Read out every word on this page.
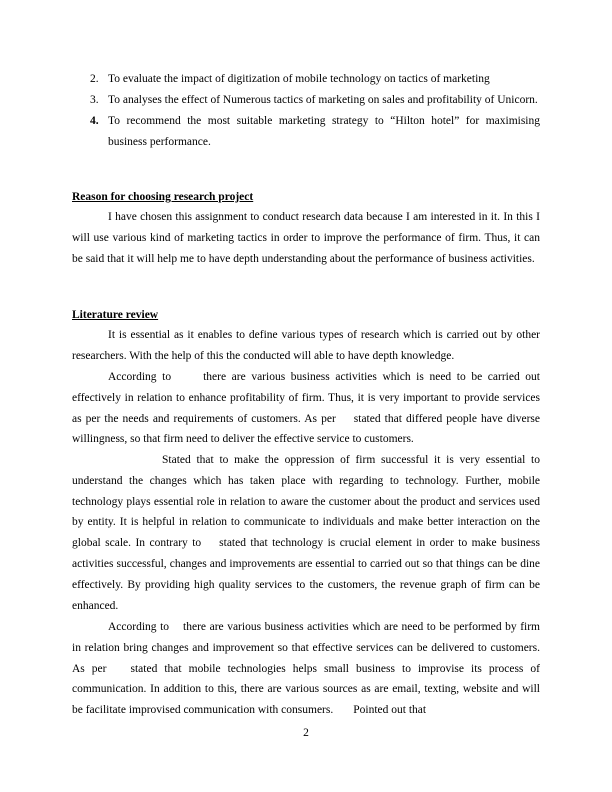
2. To evaluate the impact of digitization of mobile technology on tactics of marketing
3. To analyses the effect of Numerous tactics of marketing on sales and profitability of Unicorn.
4. To recommend the most suitable marketing strategy to “Hilton hotel” for maximising business performance.
Reason for choosing research project

I have chosen this assignment to conduct research data because I am interested in it. In this I will use various kind of marketing tactics in order to improve the performance of firm. Thus, it can be said that it will help me to have depth understanding about the performance of business activities.

Literature review

It is essential as it enables to define various types of research which is carried out by other researchers. With the help of this the conducted will able to have depth knowledge.

According to	there are various business activities which is need to be carried out effectively in relation to enhance profitability of firm. Thus, it is very important to provide services as per the needs and requirements of customers. As per stated that differed people have diverse willingness, so that firm need to deliver the effective service to customers.

Stated that to make the oppression of firm successful it is very essential to understand the changes which has taken place with regarding to technology. Further, mobile technology plays essential role in relation to aware the customer about the product and services used by entity. It is helpful in relation to communicate to individuals and make better interaction on the global scale. In contrary to stated that technology is crucial element in order to make business activities successful, changes and improvements are essential to carried out so that things can be dine effectively. By providing high quality services to the customers, the revenue graph of firm can be enhanced.

According to there are various business activities which are need to be performed by firm in relation bring changes and improvement so that effective services can be delivered to customers. As per stated that mobile technologies helps small business to improvise its process of communication. In addition to this, there are various sources as are email, texting, website and will be facilitate improvised communication with consumers. Pointed out that

2
